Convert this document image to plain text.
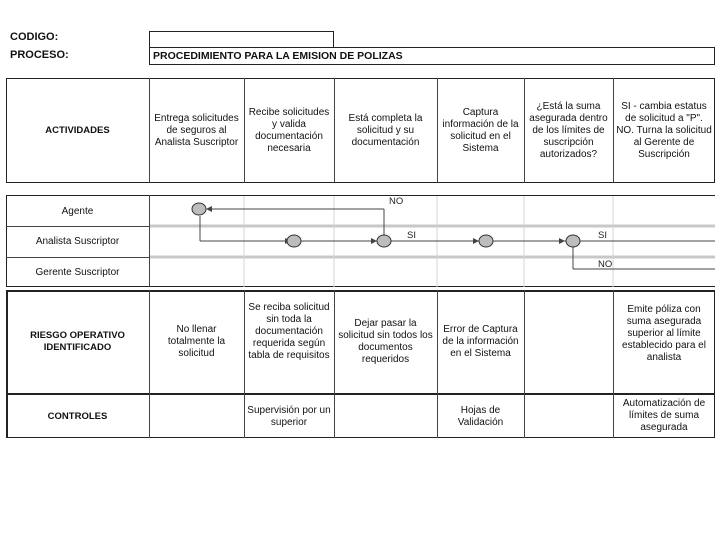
CODIGO:
PROCESO:	PROCEDIMIENTO PARA LA EMISION DE POLIZAS
ACTIVIDADES
Entrega solicitudes de seguros al Analista Suscriptor
Recibe solicitudes y valida documentación necesaria
Está completa la solicitud y su documentación
Captura información de la solicitud en el Sistema
¿Está la suma asegurada dentro de los límites de suscripción autorizados?
SI - cambia estatus de solicitud a "P". NO. Turna la solicitud al Gerente de Suscripción
Agente
Analista Suscriptor
Gerente Suscriptor
NO
SI	SI
NO
RIESGO OPERATIVO IDENTIFICADO
No llenar totalmente la solicitud
Se reciba solicitud sin toda la documentación requerida según tabla de requisitos
Dejar pasar la solicitud sin todos los documentos requeridos
Error de Captura de la información en el Sistema
Emite póliza con suma asegurada superior al límite establecido para el analista
CONTROLES
Supervisión por un superior
Hojas de Validación
Automatización de límites de suma asegurada
